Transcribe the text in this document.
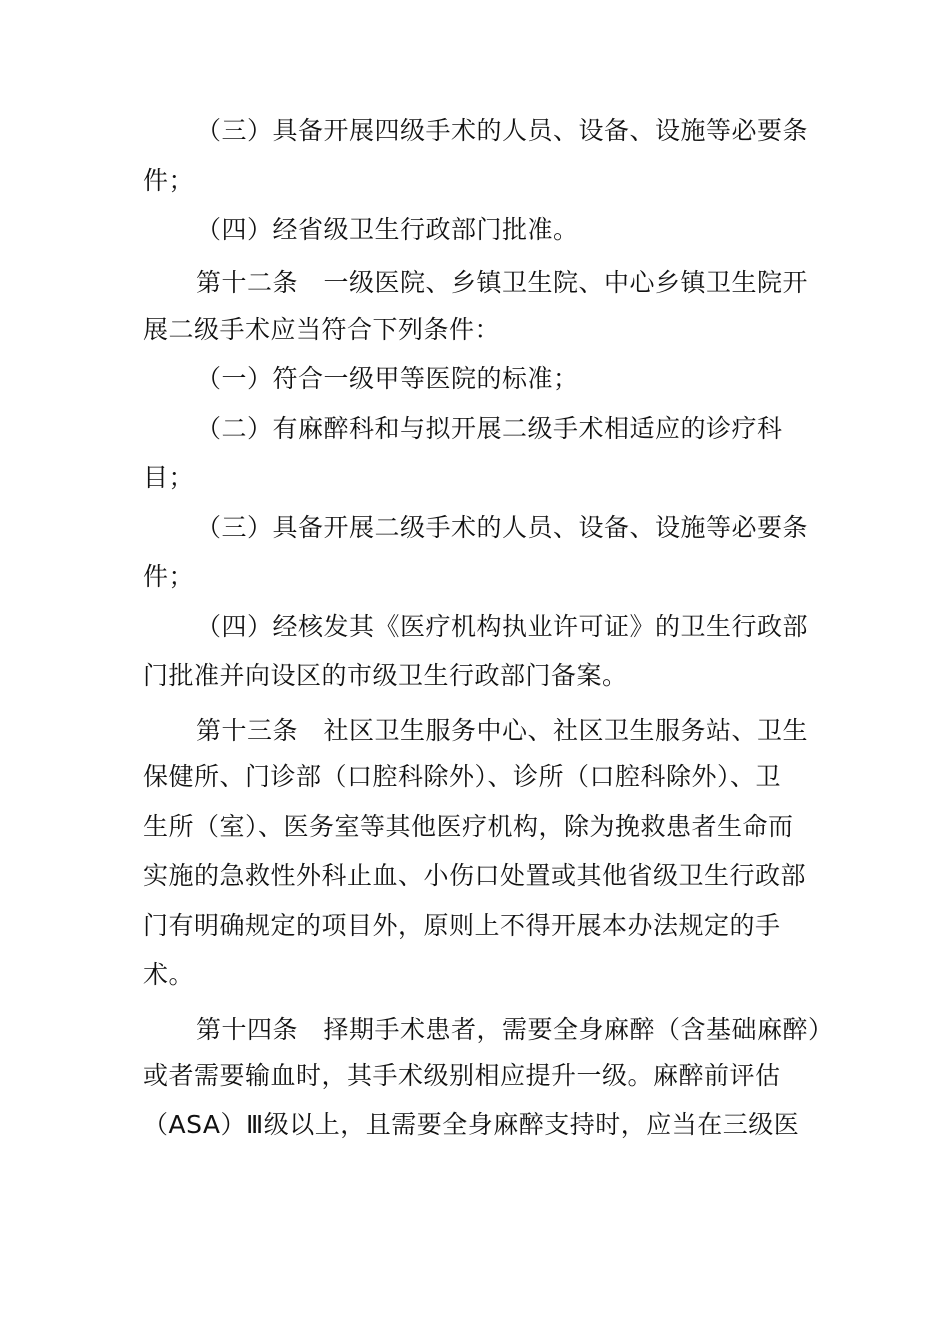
（三）具备开展四级手术的人员、设备、设施等必要条
件；
（四）经省级卫生行政部门批准。
第十二条　一级医院、乡镇卫生院、中心乡镇卫生院开
展二级手术应当符合下列条件：
（一）符合一级甲等医院的标准；
（二）有麻醉科和与拟开展二级手术相适应的诊疗科
目；
（三）具备开展二级手术的人员、设备、设施等必要条
件；
（四）经核发其《医疗机构执业许可证》的卫生行政部
门批准并向设区的市级卫生行政部门备案。
第十三条　社区卫生服务中心、社区卫生服务站、卫生
保健所、门诊部（口腔科除外）、诊所（口腔科除外）、卫
生所（室）、医务室等其他医疗机构，除为挽救患者生命而
实施的急救性外科止血、小伤口处置或其他省级卫生行政部
门有明确规定的项目外，原则上不得开展本办法规定的手
术。
第十四条　择期手术患者，需要全身麻醉（含基础麻醉）
或者需要输血时，其手术级别相应提升一级。麻醉前评估
（ASA）Ⅲ级以上，且需要全身麻醉支持时，应当在三级医
